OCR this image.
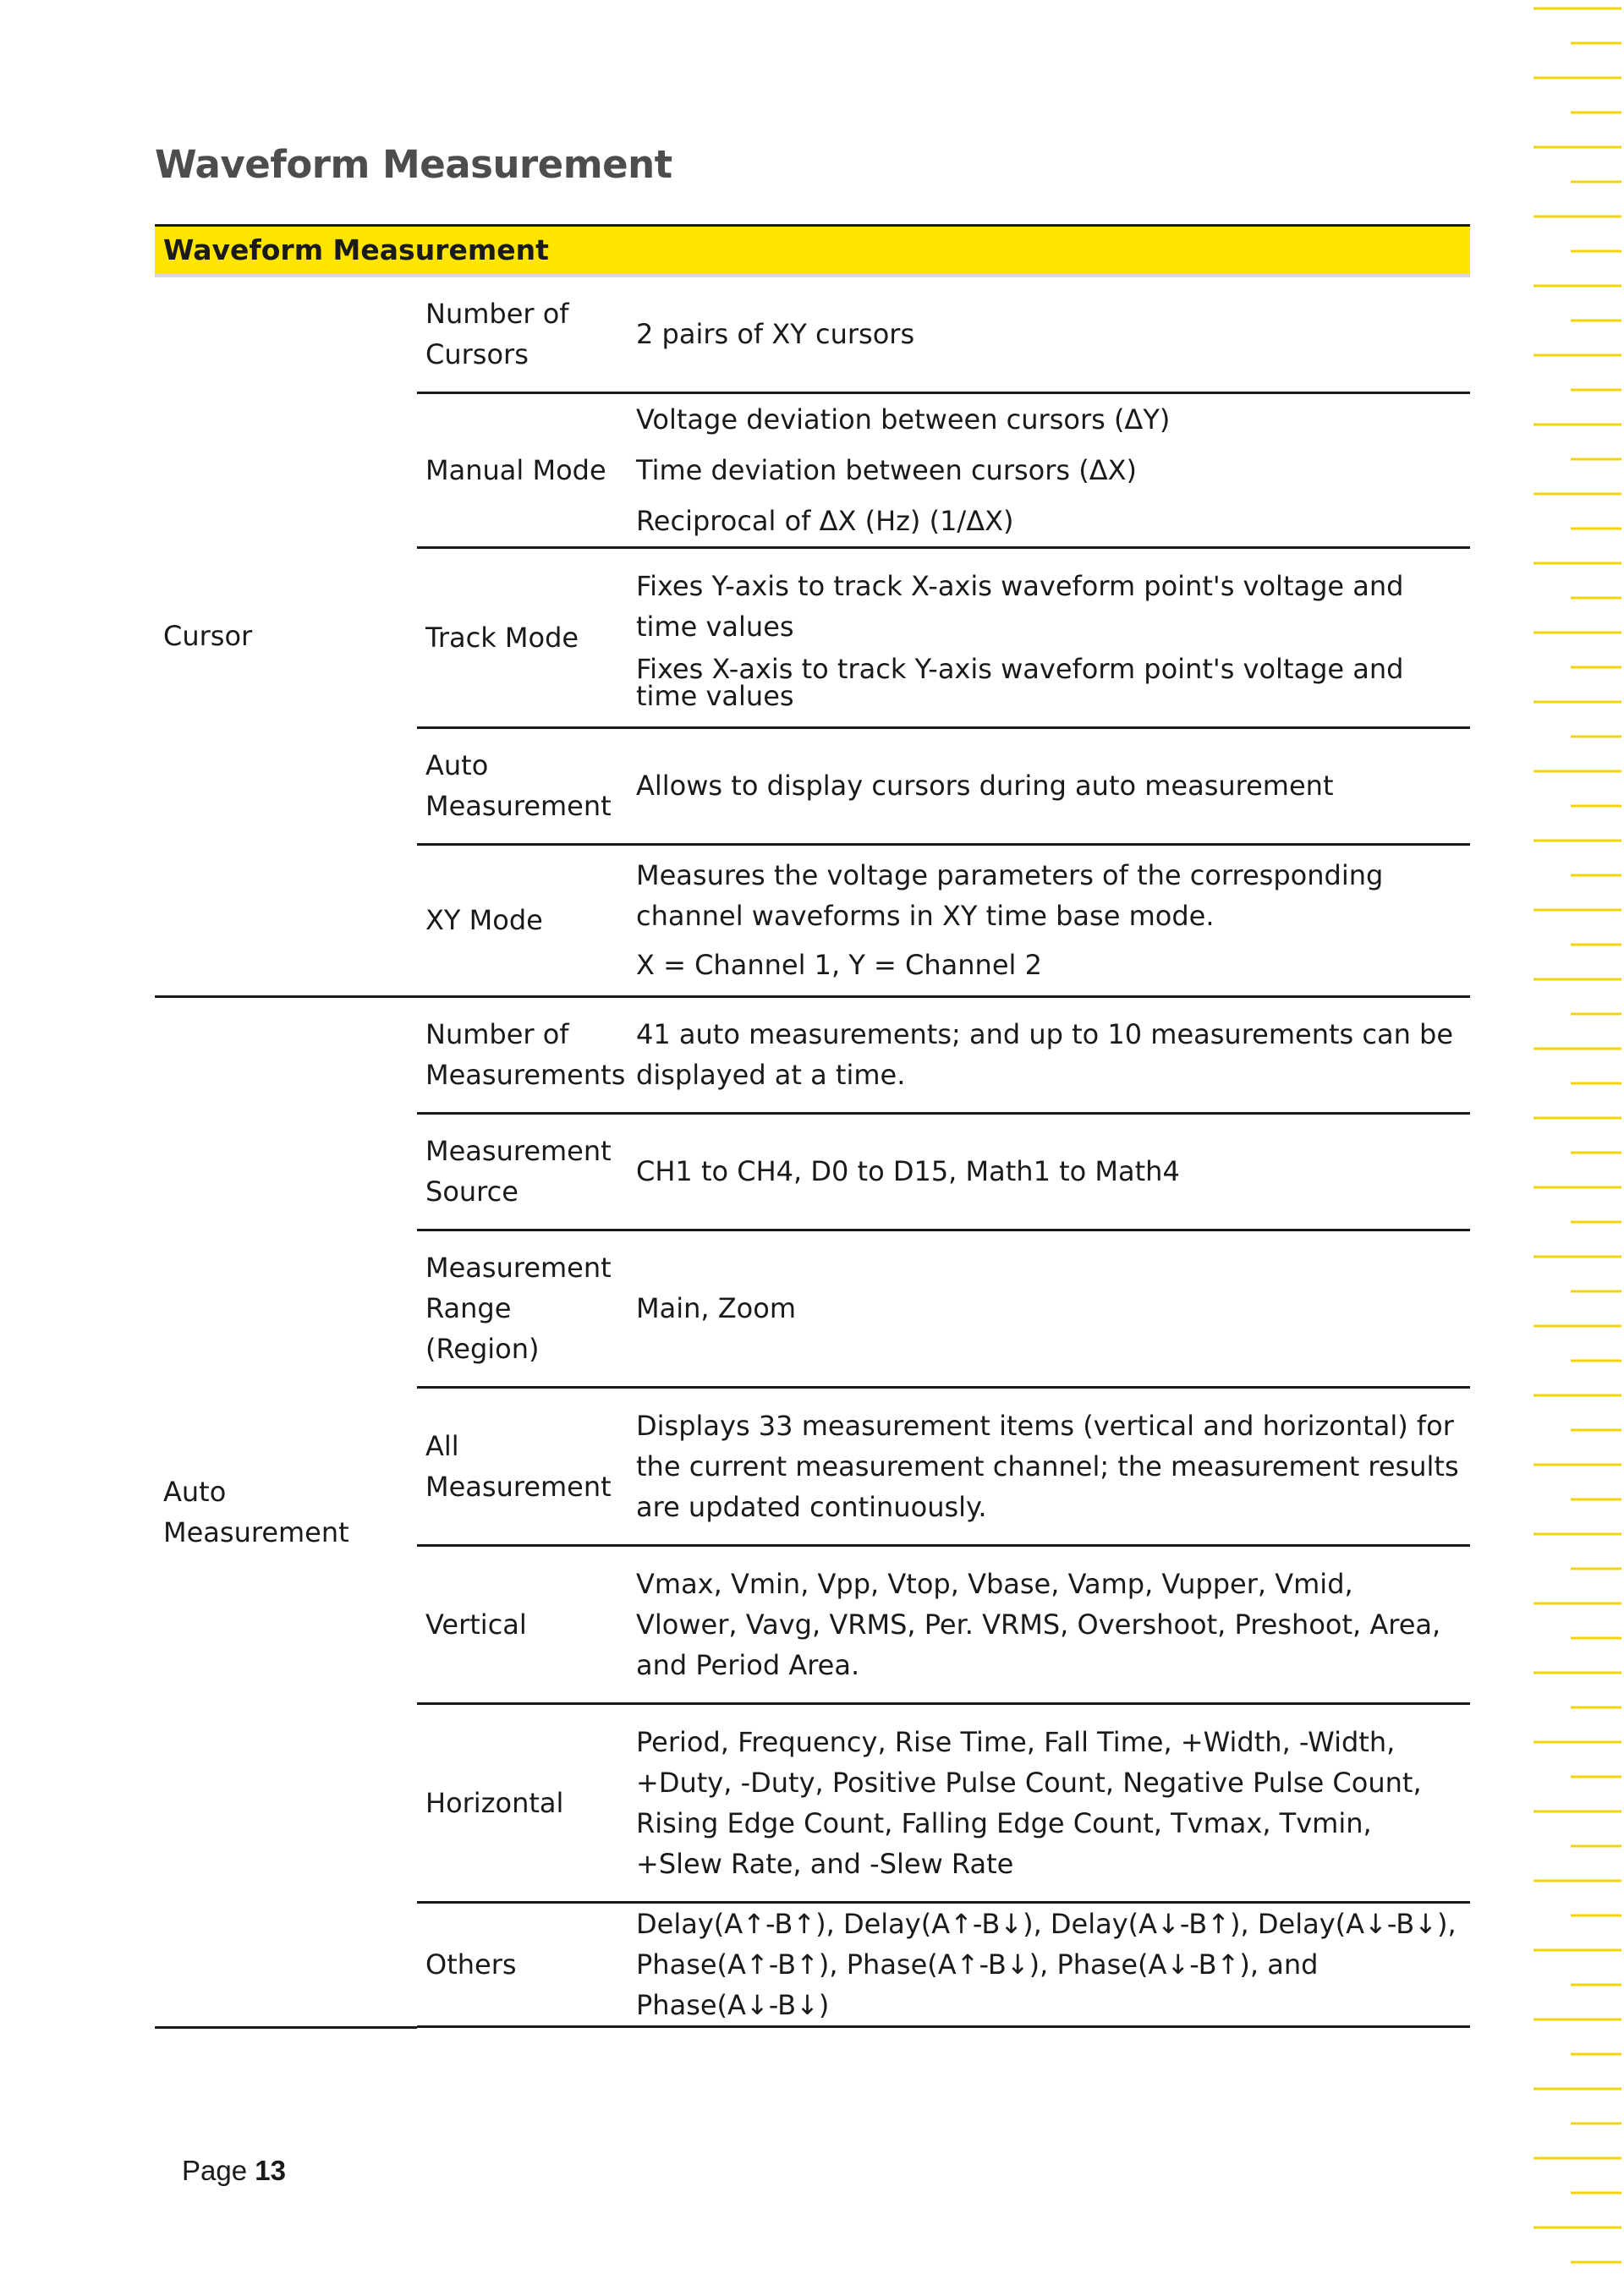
Waveform Measurement
Waveform Measurement		
Cursor	Number of Cursors	2 pairs of XY cursors

	Manual Mode	Voltage deviation between cursors (ΔY)
Time deviation between cursors (ΔX)
Reciprocal of ΔX (Hz) (1/ΔX)

	Track Mode	Fixes Y-axis to track X-axis waveform point's voltage and time values
Fixes X-axis to track Y-axis waveform point's voltage and time values

	Auto Measurement	Allows to display cursors during auto measurement

	XY Mode	Measures the voltage parameters of the corresponding channel waveforms in XY time base mode.
X = Channel 1, Y = Channel 2

Auto Measurement	Number of Measurements	41 auto measurements; and up to 10 measurements can be displayed at a time.

	Measurement Source	CH1 to CH4, D0 to D15, Math1 to Math4

	Measurement Range (Region)	Main, Zoom

	All Measurement	Displays 33 measurement items (vertical and horizontal) for the current measurement channel; the measurement results are updated continuously.

	Vertical	Vmax, Vmin, Vpp, Vtop, Vbase, Vamp, Vupper, Vmid, Vlower, Vavg, VRMS, Per. VRMS, Overshoot, Preshoot, Area, and Period Area.

	Horizontal	Period, Frequency, Rise Time, Fall Time, +Width, -Width, +Duty, -Duty, Positive Pulse Count, Negative Pulse Count, Rising Edge Count, Falling Edge Count, Tvmax, Tvmin, +Slew Rate, and -Slew Rate

	Others	Delay(A↑-B↑), Delay(A↑-B↓), Delay(A↓-B↑), Delay(A↓-B↓), Phase(A↑-B↑), Phase(A↑-B↓), Phase(A↓-B↑), and Phase(A↓-B↓)

Page 13
